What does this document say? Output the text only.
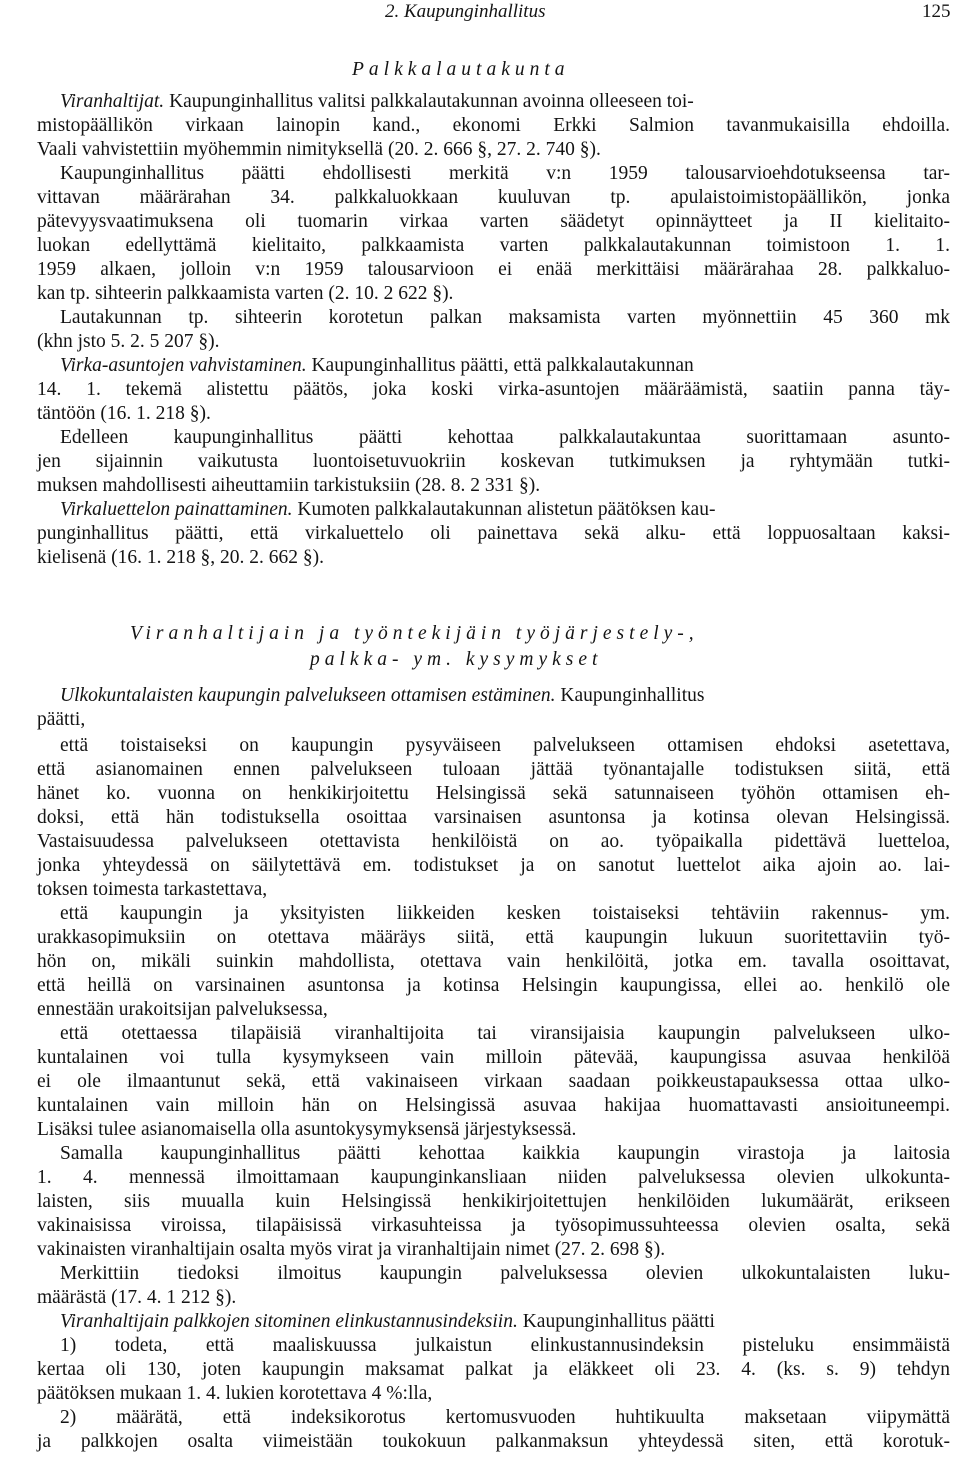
2. Kaupunginhallitus	125
Palkkalautakunta
Viranhaltijat. Kaupunginhallitus valitsi palkkalautakunnan avoinna olleeseen toi-
mistopäällikön virkaan lainopin kand., ekonomi Erkki Salmion tavanmukaisilla ehdoilla.
Vaali vahvistettiin myöhemmin nimityksellä (20. 2. 666 §, 27. 2. 740 §).
Kaupunginhallitus päätti ehdollisesti merkitä v:n 1959 talousarvioehdotukseensa tar-
vittavan määrärahan 34. palkkaluokkaan kuuluvan tp. apulaistoimistopäällikön, jonka
pätevyysvaatimuksena oli tuomarin virkaa varten säädetyt opinnäytteet ja II kielitaito-
luokan edellyttämä kielitaito, palkkaamista varten palkkalautakunnan toimistoon 1. 1.
1959 alkaen, jolloin v:n 1959 talousarvioon ei enää merkittäisi määrärahaa 28. palkkaluo-
kan tp. sihteerin palkkaamista varten (2. 10. 2 622 §).
Lautakunnan tp. sihteerin korotetun palkan maksamista varten myönnettiin 45 360 mk
(khn jsto 5. 2. 5 207 §).
Virka-asuntojen vahvistaminen. Kaupunginhallitus päätti, että palkkalautakunnan
14. 1. tekemä alistettu päätös, joka koski virka-asuntojen määräämistä, saatiin panna täy-
täntöön (16. 1. 218 §).
Edelleen kaupunginhallitus päätti kehottaa palkkalautakuntaa suorittamaan asunto-
jen sijainnin vaikutusta luontoisetuvuokriin koskevan tutkimuksen ja ryhtymään tutki-
muksen mahdollisesti aiheuttamiin tarkistuksiin (28. 8. 2 331 §).
Virkaluettelon painattaminen. Kumoten palkkalautakunnan alistetun päätöksen kau-
punginhallitus päätti, että virkaluettelo oli painettava sekä alku- että loppuosaltaan kaksi-
kielisenä (16. 1. 218 §, 20. 2. 662 §).
Viranhaltijain ja työntekijäin työjärjestely-,
palkka- ym. kysymykset
Ulkokuntalaisten kaupungin palvelukseen ottamisen estäminen. Kaupunginhallitus
päätti,
että toistaiseksi on kaupungin pysyväiseen palvelukseen ottamisen ehdoksi asetettava,
että asianomainen ennen palvelukseen tuloaan jättää työnantajalle todistuksen siitä, että
hänet ko. vuonna on henkikirjoitettu Helsingissä sekä satunnaiseen työhön ottamisen eh-
doksi, että hän todistuksella osoittaa varsinaisen asuntonsa ja kotinsa olevan Helsingissä.
Vastaisuudessa palvelukseen otettavista henkilöistä on ao. työpaikalla pidettävä luetteloa,
jonka yhteydessä on säilytettävä em. todistukset ja on sanotut luettelot aika ajoin ao. lai-
toksen toimesta tarkastettava,
että kaupungin ja yksityisten liikkeiden kesken toistaiseksi tehtäviin rakennus- ym.
urakkasopimuksiin on otettava määräys siitä, että kaupungin lukuun suoritettaviin työ-
hön on, mikäli suinkin mahdollista, otettava vain henkilöitä, jotka em. tavalla osoittavat,
että heillä on varsinainen asuntonsa ja kotinsa Helsingin kaupungissa, ellei ao. henkilö ole
ennestään urakoitsijan palveluksessa,
että otettaessa tilapäisiä viranhaltijoita tai viransijaisia kaupungin palvelukseen ulko-
kuntalainen voi tulla kysymykseen vain milloin pätevää, kaupungissa asuvaa henkilöä
ei ole ilmaantunut sekä, että vakinaiseen virkaan saadaan poikkeustapauksessa ottaa ulko-
kuntalainen vain milloin hän on Helsingissä asuvaa hakijaa huomattavasti ansioituneempi.
Lisäksi tulee asianomaisella olla asuntokysymyksensä järjestyksessä.
Samalla kaupunginhallitus päätti kehottaa kaikkia kaupungin virastoja ja laitosia
1. 4. mennessä ilmoittamaan kaupunginkansliaan niiden palveluksessa olevien ulkokunta-
laisten, siis muualla kuin Helsingissä henkikirjoitettujen henkilöiden lukumäärät, erikseen
vakinaisissa viroissa, tilapäisissä virkasuhteissa ja työsopimussuhteessa olevien osalta, sekä
vakinaisten viranhaltijain osalta myös virat ja viranhaltijain nimet (27. 2. 698 §).
Merkittiin tiedoksi ilmoitus kaupungin palveluksessa olevien ulkokuntalaisten luku-
määrästä (17. 4. 1 212 §).
Viranhaltijain palkkojen sitominen elinkustannusindeksiin. Kaupunginhallitus päätti
1) todeta, että maaliskuussa julkaistun elinkustannusindeksin pisteluku ensimmäistä
kertaa oli 130, joten kaupungin maksamat palkat ja eläkkeet oli 23. 4. (ks. s. 9) tehdyn
päätöksen mukaan 1. 4. lukien korotettava 4 %:lla,
2) määrätä, että indeksikorotus kertomusvuoden huhtikuulta maksetaan viipymättä
ja palkkojen osalta viimeistään toukokuun palkanmaksun yhteydessä siten, että korotuk-
